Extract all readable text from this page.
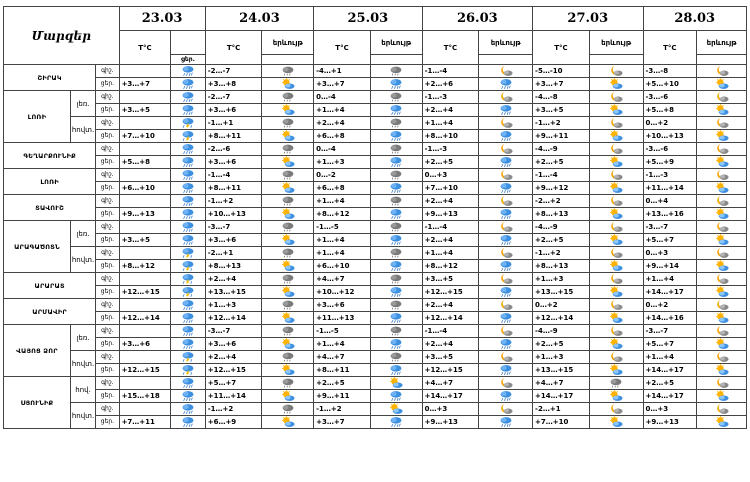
Մարզեր			23.03		24.03		25.03		26.03		27.03		28.03	
			T°C		T°C	երևույթ	T°C	երևույթ	T°C	երևույթ	T°C	երևույթ	T°C	երևույթ
				ցեր.										
ՇԻՐԱԿ		գիշ.			-2…-7		-4…+1		-1…-4		-5…-10		-3…-8	

		ցեր.	+3…+7		+3…+8		+3…+7		+2…+6		+3…+7		+5…+10	

ԼՈՌԻ	լեռ.	գիշ.			-2…-7		0…-4		-1…-3		-4…-8		-3…-6	

		ցեր.	+3…+5		+3…+6		+1…+4		+2…+4		+3…+5		+5…+8	

	հովտ.	գիշ.			-1…+1		+2…+4		+1…+4		-1…+2		0…+2	

		ցեր.	+7…+10		+8…+11		+6…+8		+8…+10		+9…+11		+10…+13	

ԳԵՂԱՐՔՈՒՆԻՔ		գիշ.			-2…-6		0…-4		-1…-3		-4…-9		-3…-6	

		ցեր.	+5…+8		+3…+6		+1…+3		+2…+5		+2…+5		+5…+9	

ԼՈՌԻ		գիշ.			-1…-4		0…-2		0…+3		-1…-4		-1…-3	

		ցեր.	+6…+10		+8…+11		+6…+8		+7…+10		+9…+12		+11…+14	

ՏԱՎՈՒՇ		գիշ.			-1…+2		+1…+4		+2…+4		-2…+2		0…+4	

		ցեր.	+9…+13		+10…+13		+8…+12		+9…+13		+8…+13		+13…+16	

ԱՐԱԳԱԾՈՏՆ	լեռ.	գիշ.			-3…-7		-1…-5		-1…-4		-4…-9		-3…-7	

		ցեր.	+3…+5		+3…+6		+1…+4		+2…+4		+2…+5		+5…+7	

	հովտ.	գիշ.			-2…+1		+1…+4		+1…+4		-1…+2		0…+3	

		ցեր.	+8…+12		+8…+13		+6…+10		+8…+12		+8…+13		+9…+14	

ԱՐԱՐԱՏ		գիշ.			+2…+4		+4…+7		+3…+5		+1…+3		+1…+4	

		ցեր.	+12…+15		+13…+15		+10…+12		+12…+15		+13…+15		+14…+17	

ԱՐՄԱՎԻՐ		գիշ.			+1…+3		+3…+6		+2…+4		0…+2		0…+2	

		ցեր.	+12…+14		+12…+14		+11…+13		+12…+14		+12…+14		+14…+16	

ՎԱՅՈՑ ՁՈՐ	լեռ.	գիշ.			-3…-7		-1…-5		-1…-4		-4…-9		-3…-7	

		ցեր.	+3…+6		+3…+6		+1…+4		+2…+4		+2…+5		+5…+7	

	հովտ.	գիշ.			+2…+4		+4…+7		+3…+5		+1…+3		+1…+4	

		ցեր.	+12…+15		+12…+15		+8…+11		+12…+15		+13…+15		+14…+17	

ՍՅՈՒՆԻՔ	հով.	գիշ.			+5…+7		+2…+5		+4…+7		+4…+7		+2…+5	

		ցեր.	+15…+18		+11…+14		+9…+11		+14…+17		+14…+17		+14…+17	

	հովտ.	գիշ.			-1…+2		-1…+2		0…+3		-2…+1		0…+3	

		ցեր.	+7…+11		+6…+9		+3…+7		+9…+13		+7…+10		+9…+13	
